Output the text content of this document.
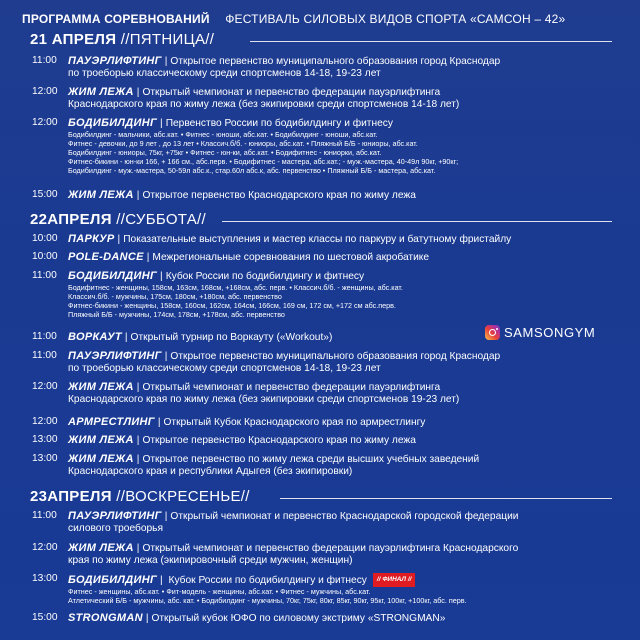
ПРОГРАММА СОРЕВНОВАНИЙ ФЕСТИВАЛЬ СИЛОВЫХ ВИДОВ СПОРТА «САМСОН – 42»
SAMSONGYM
21 АПРЕЛЯ //ПЯТНИЦА//
11:00	ПАУЭРЛИФТИНГ | Открытое первенство муниципального образования город Краснодар
по троеборью классическому среди спортсменов 14-18, 19-23 лет
12:00 ЖИМ ЛЕЖА | Открытый чемпионат и первенство федерации пауэрлифтинга
Краснодарского края по жиму лежа (без экипировки среди спортсменов 14-18 лет)
12:00 БОДИБИЛДИНГ | Первенство России по бодибилдингу и фитнесу
Бодибилдинг - мальчики, абс.кат. • Фитнес - юноши, абс.кат. • Бодибилдинг - юноши, абс.кат.
Фитнес - девочки, до 9 лет , до 13 лет • Классич.б/б. - юниоры, абс.кат. • Пляжный Б/Б - юниоры, абс.кат.
Бодибилдинг - юниоры, 75кг, +75кг • Фитнес - юн-ки, абс.кат. • Бодифитнес - юниорки, абс.кат.
Фитнес-бикини - юн-ки 166, + 166 см., абс.перв. • Бодифитнес - мастера, абс.кат.; - муж.-мастера, 40-49л 90кг, +90кг;
Бодибилдинг - муж.-мастера, 50-59л абс.к., стар.60л абс.к, абс. первенство • Пляжный Б/Б - мастера, абс.кат.
15:00 ЖИМ ЛЕЖА | Открытое первенство Краснодарского края по жиму лежа
22АПРЕЛЯ //СУББОТА//
10:00 ПАРКУР | Показательные выступления и мастер классы по паркуру и батутному фристайлу
10:00 POLE-DANCE | Межрегиональные соревнования по шестовой акробатике
11:00	БОДИБИЛДИНГ | Кубок России по бодибилдингу и фитнесу
Бодифитнес - женщины, 158см, 163см, 168см, +168см, абс. перв. • Классич.б/б. - женщины, абс.кат.
Классич.б/б. - мужчины, 175см, 180см, +180см, абс. первенство
Фитнес-бикини - женщины, 158см, 160см, 162см, 164см, 166см, 169 см, 172 см, +172 см абс.перв.
Пляжный Б/Б - мужчины, 174см, 178см, +178см, абс. первенство
11:00	ВОРКАУТ | Открытый турнир по Воркауту («Workout»)
11:00	ПАУЭРЛИФТИНГ | Открытое первенство муниципального образования город Краснодар
по троеборью классическому среди спортсменов 14-18, 19-23 лет
12:00 ЖИМ ЛЕЖА | Открытый чемпионат и первенство федерации пауэрлифтинга
Краснодарского края по жиму лежа (без экипировки среди спортсменов 19-23 лет)
12:00 АРМРЕСТЛИНГ | Открытый Кубок Краснодарского края по армрестлингу
13:00 ЖИМ ЛЕЖА | Открытое первенство Краснодарского края по жиму лежа
13:00 ЖИМ ЛЕЖА | Открытое первенство по жиму лежа среди высших учебных заведений
Краснодарского края и республики Адыгея (без экипировки)
23АПРЕЛЯ //ВОСКРЕСЕНЬЕ//
11:00	ПАУЭРЛИФТИНГ | Открытый чемпионат и первенство Краснодарской городской федерации
силового троеборья
12:00 ЖИМ ЛЕЖА | Открытый чемпионат и первенство федерации пауэрлифтинга Краснодарского
края по жиму лежа (экипировочный среди мужчин, женщин)
13:00 БОДИБИЛДИНГ | Кубок России по бодибилдингу и фитнесу // ФИНАЛ //
Фитнес - женщины, абс.кат. • Фит-модель - женщины, абс.кат. • Фитнес - мужчины, абс.кат.
Атлетический Б/Б - мужчины, абс. кат. • Бодибилдинг - мужчины, 70кг, 75кг, 80кг, 85кг, 90кг, 95кг, 100кг, +100кг, абс. перв.
15:00 STRONGMAN | Открытый кубок ЮФО по силовому экстриму «STRONGMAN»
